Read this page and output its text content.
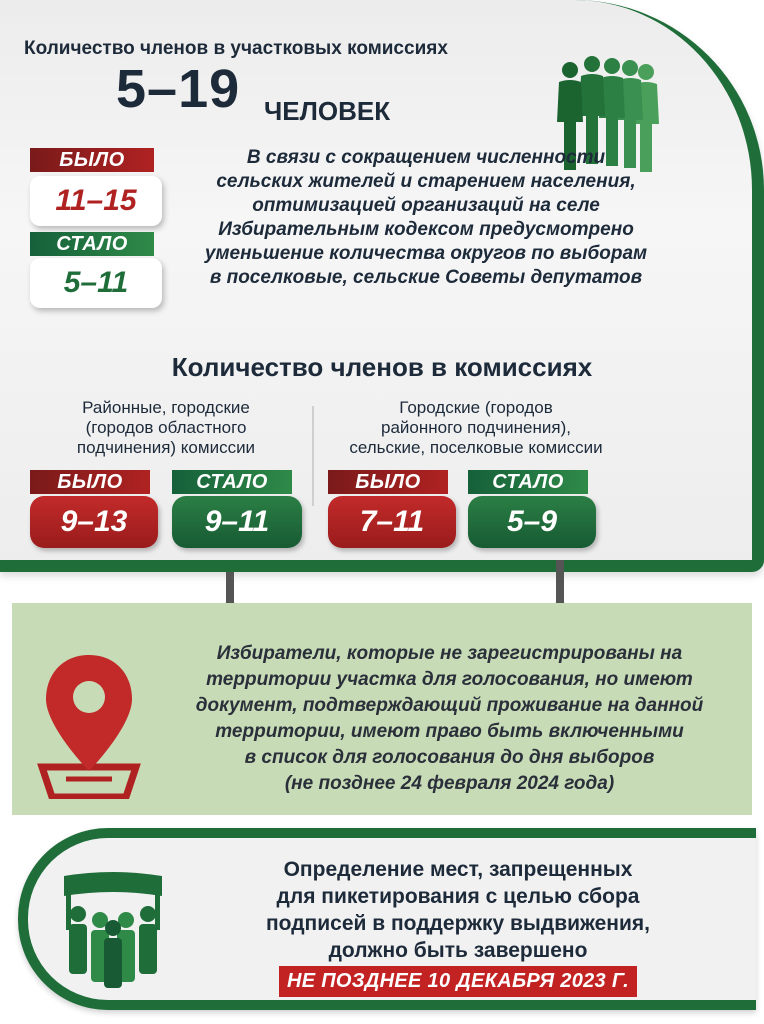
Количество членов в участковых комиссиях
5–19 ЧЕЛОВЕК
БЫЛО
11–15
СТАЛО
5–11
В связи с сокращением численности
сельских жителей и старением населения,
оптимизацией организаций на селе
Избирательным кодексом предусмотрено
уменьшение количества округов по выборам
в поселковые, сельские Советы депутатов
Количество членов в комиссиях
Районные, городские
(городов областного
подчинения) комиссии
Городские (городов
районного подчинения),
сельские, поселковые комиссии
БЫЛО
9–13
СТАЛО
9–11
БЫЛО
7–11
СТАЛО
5–9
Избиратели, которые не зарегистрированы на
территории участка для голосования, но имеют
документ, подтверждающий проживание на данной
территории, имеют право быть включенными
в список для голосования до дня выборов
(не позднее 24 февраля 2024 года)
Определение мест, запрещенных
для пикетирования с целью сбора
подписей в поддержку выдвижения,
должно быть завершено
НЕ ПОЗДНЕЕ 10 ДЕКАБРЯ 2023 Г.
